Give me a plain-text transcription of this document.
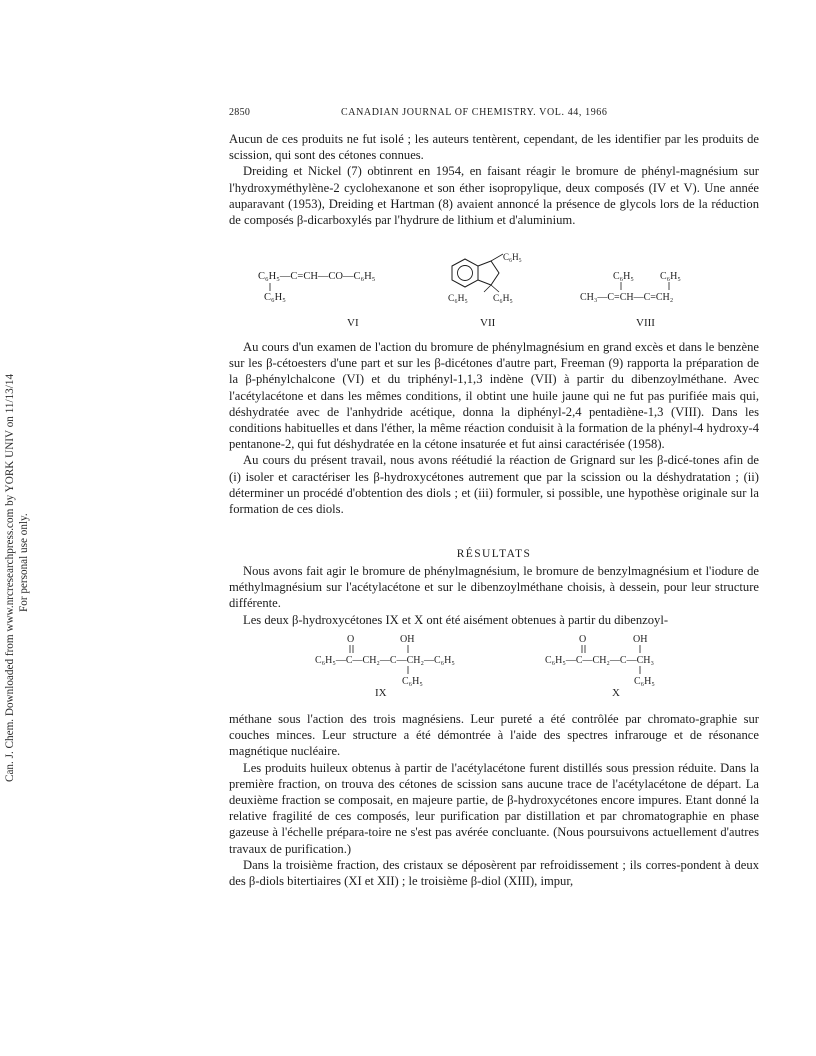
Can. J. Chem. Downloaded from www.nrcresearchpress.com by YORK UNIV on 11/13/14 For personal use only.
2850	CANADIAN JOURNAL OF CHEMISTRY. VOL. 44, 1966

Aucun de ces produits ne fut isolé ; les auteurs tentèrent, cependant, de les identifier par les produits de scission, qui sont des cétones connues.

Dreiding et Nickel (7) obtinrent en 1954, en faisant réagir le bromure de phényl-magnésium sur l'hydroxyméthylène-2 cyclohexanone et son éther isopropylique, deux composés (IV et V). Une année auparavant (1953), Dreiding et Hartman (8) avaient annoncé la présence de glycols lors de la réduction de composés β-dicarboxylés par l'hydrure de lithium et d'aluminium.

C₆H₅—C=CH—CO—C₆H₅
C₆H₅
VI
C₆H₅
C₆H₅	C₆H₅
VII
C₆H₅	C₆H₅
CH₃—C=CH—C=CH₂
VIII

Au cours d'un examen de l'action du bromure de phénylmagnésium en grand excès et dans le benzène sur les β-cétoesters d'une part et sur les β-dicétones d'autre part, Freeman (9) rapporta la préparation de la β-phénylchalcone (VI) et du triphényl-1,1,3 indène (VII) à partir du dibenzoylméthane. Avec l'acétylacétone et dans les mêmes conditions, il obtint une huile jaune qui ne fut pas purifiée mais qui, déshydratée avec de l'anhydride acétique, donna la diphényl-2,4 pentadiène-1,3 (VIII). Dans les conditions habituelles et dans l'éther, la même réaction conduisit à la formation de la phényl-4 hydroxy-4 pentanone-2, qui fut déshydratée en la cétone insaturée et fut ainsi caractérisée (1958).

Au cours du présent travail, nous avons réétudié la réaction de Grignard sur les β-dicé-tones afin de (i) isoler et caractériser les β-hydroxycétones autrement que par la scission ou la déshydratation ; (ii) déterminer un procédé d'obtention des diols ; et (iii) formuler, si possible, une hypothèse originale sur la formation de ces diols.

RÉSULTATS

Nous avons fait agir le bromure de phénylmagnésium, le bromure de benzylmagnésium et l'iodure de méthylmagnésium sur l'acétylacétone et sur le dibenzoylméthane choisis, à dessein, pour leur structure différente.

Les deux β-hydroxycétones IX et X ont été aisément obtenues à partir du dibenzoyl-

O	OH
C₆H₅—C—CH₂—C—CH₂—C₆H₅
C₆H₅
IX
O	OH
C₆H₅—C—CH₂—C—CH₃
C₆H₅
X

méthane sous l'action des trois magnésiens. Leur pureté a été contrôlée par chromato-graphie sur couches minces. Leur structure a été démontrée à l'aide des spectres infrarouge et de résonance magnétique nucléaire.

Les produits huileux obtenus à partir de l'acétylacétone furent distillés sous pression réduite. Dans la première fraction, on trouva des cétones de scission sans aucune trace de l'acétylacétone de départ. La deuxième fraction se composait, en majeure partie, de β-hydroxycétones encore impures. Etant donné la relative fragilité de ces composés, leur purification par distillation et par chromatographie en phase gazeuse à l'échelle prépara-toire ne s'est pas avérée concluante. (Nous poursuivons actuellement d'autres travaux de purification.)

Dans la troisième fraction, des cristaux se déposèrent par refroidissement ; ils corres-pondent à deux des β-diols bitertiaires (XI et XII) ; le troisième β-diol (XIII), impur,
